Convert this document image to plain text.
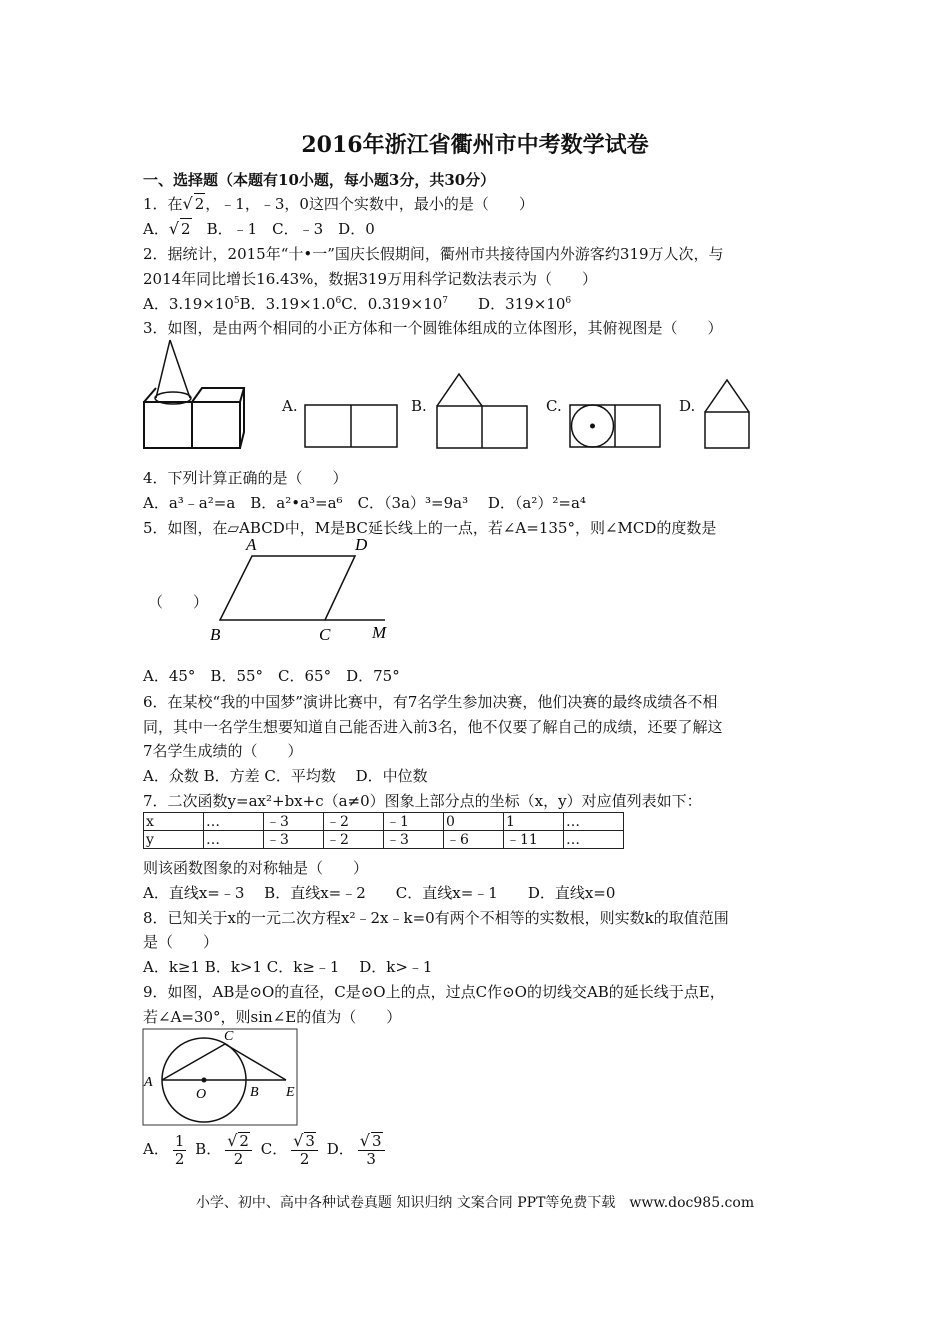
2016年浙江省衢州市中考数学试卷
一、选择题（本题有10小题，每小题3分，共30分）
1．在√ 2，﹣1，﹣3，0这四个实数中，最小的是（　　）
A．√ 2　B．﹣1　C．﹣3　D．0
2．据统计，2015年“十•一”国庆长假期间，衢州市共接待国内外游客约319万人次，与
2014年同比增长16.43%，数据319万用科学记数法表示为（　　）
A．$3.19\times 10^5B$．$3.19\times 1.0^6C$．$0.319\times 10^7$　　 D．$319\times 10^6$
3．如图，是由两个相同的小正方体和一个圆锥体组成的立体图形，其俯视图是（　　）
A.	B.	C.	D.
4．下列计算正确的是（　　）
A．a³﹣a²=a　B．a²•a³=a⁶　C．（3a）³=9a³　 D．（a²）²=a⁴
5．如图，在▱ABCD中，M是BC延长线上的一点，若∠A=135°，则∠MCD的度数是
（　　）
A	D
B	C M
A．45°　B．55°　C．65°　D．75°
6．在某校“我的中国梦”演讲比赛中，有7名学生参加决赛，他们决赛的最终成绩各不相
同，其中一名学生想要知道自己能否进入前3名，他不仅要了解自己的成绩，还要了解这
7名学生成绩的（　　）
A．众数 B．方差 C．平均数　 D．中位数
7．二次函数y=ax²+bx+c（a≠0）图象上部分点的坐标（x，y）对应值列表如下：
x	…	﹣3	﹣2	﹣1	0	1	…
y	…	﹣3	﹣2	﹣3	﹣6	﹣11	…
则该函数图象的对称轴是（　　）
A．直线x=﹣3　 B．直线x=﹣2　　C．直线x=﹣1　　D．直线x=0
8．已知关于x的一元二次方程x²﹣2x﹣k=0有两个不相等的实数根，则实数k的取值范围
是（　　）
A．k≥1 B．k>1 C．k≥﹣1　 D．k>﹣1
9．如图，AB是⊙O的直径，C是⊙O上的点，过点C作⊙O的切线交AB的延长线于点E，
若∠A=30°，则sin∠E的值为（　　）
A
C
O	B E
A． $\frac{1}{2}$ B． $\frac{√ 2}{2}$ C． $\frac{√ 3}{2}$ D． $\frac{√ 3}{3}$
小学、初中、高中各种试卷真题 知识归纳 文案合同 PPT等免费下载　www.doc985.com
